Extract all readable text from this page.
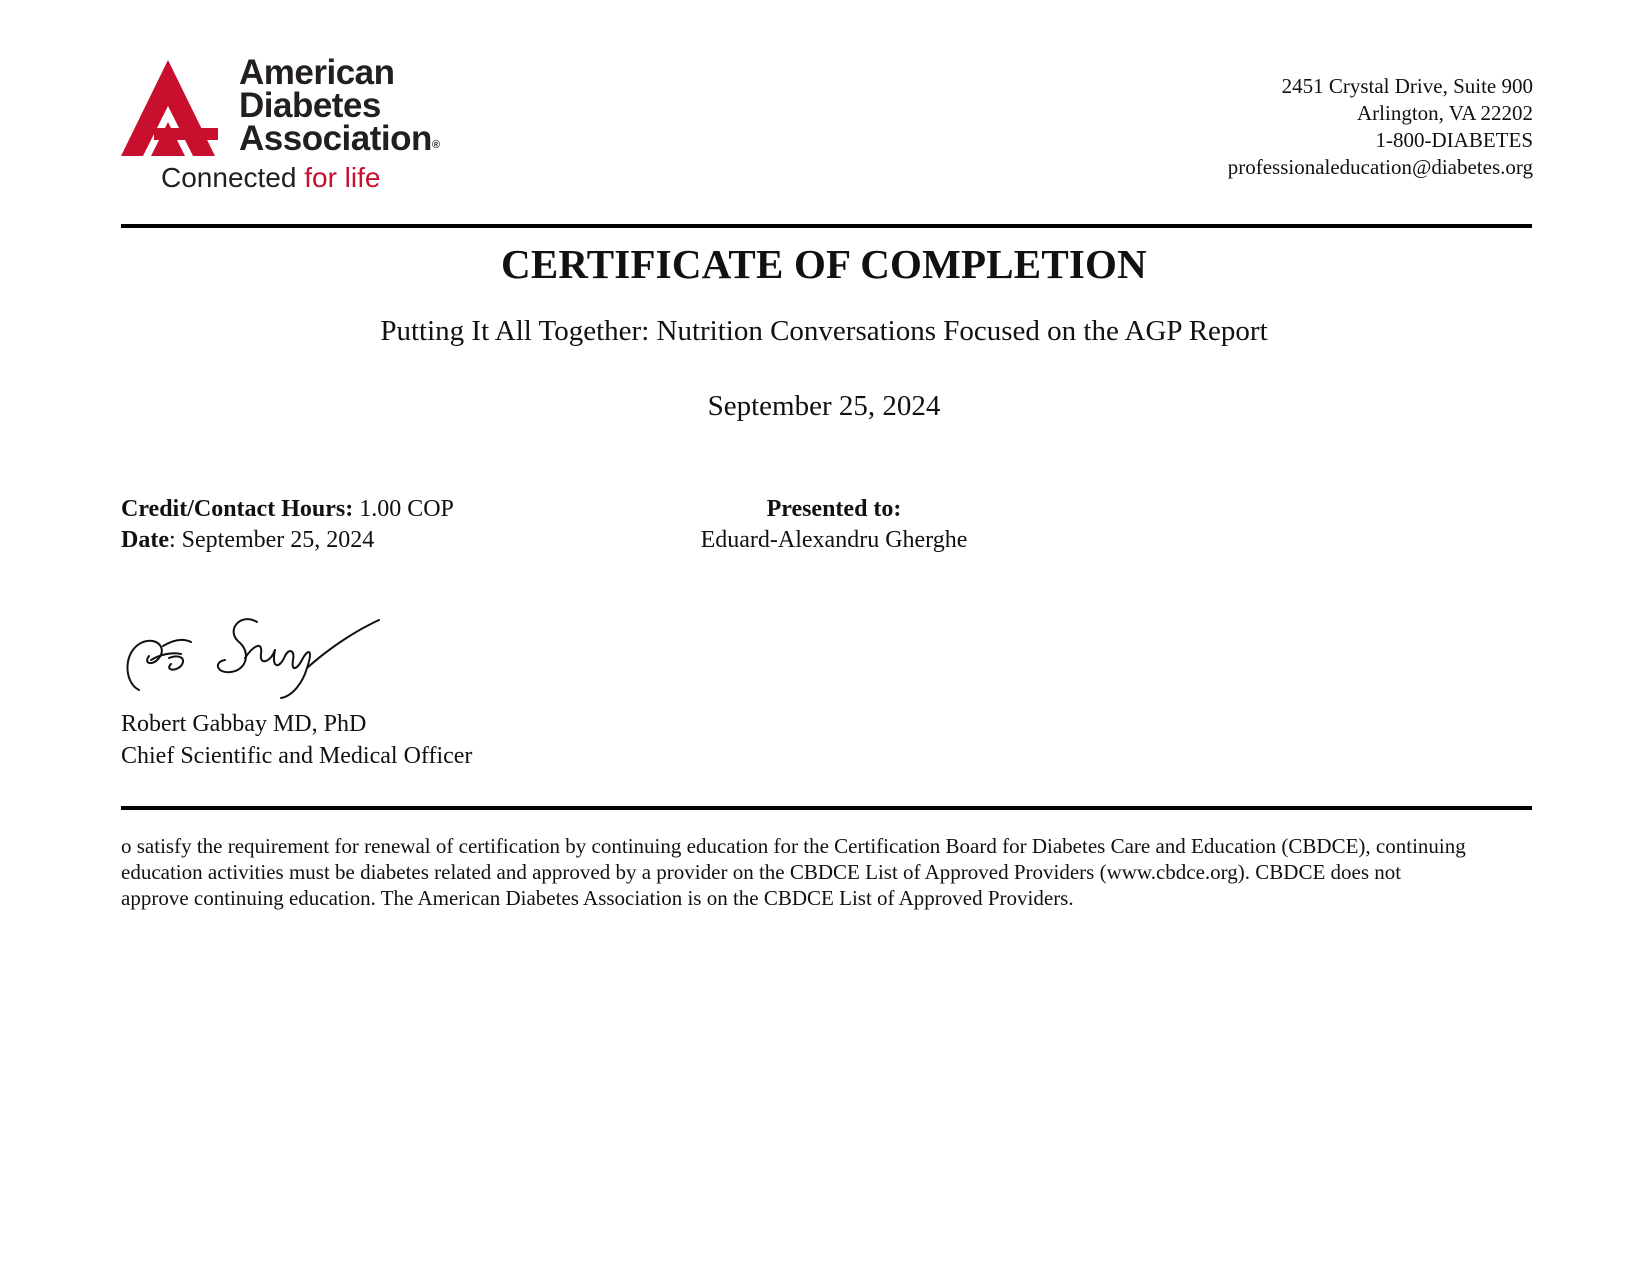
American
Diabetes
Association®
Connected for life
2451 Crystal Drive, Suite 900
Arlington, VA 22202
1-800-DIABETES
professionaleducation@diabetes.org
CERTIFICATE OF COMPLETION
Putting It All Together: Nutrition Conversations Focused on the AGP Report
September 25, 2024
Credit/Contact Hours: 1.00 COP
Date: September 25, 2024
Presented to:
Eduard-Alexandru Gherghe
Robert Gabbay MD, PhD
Chief Scientific and Medical Officer
o satisfy the requirement for renewal of certification by continuing education for the Certification Board for Diabetes Care and Education (CBDCE), continuing
education activities must be diabetes related and approved by a provider on the CBDCE List of Approved Providers (www.cbdce.org). CBDCE does not
approve continuing education. The American Diabetes Association is on the CBDCE List of Approved Providers.
